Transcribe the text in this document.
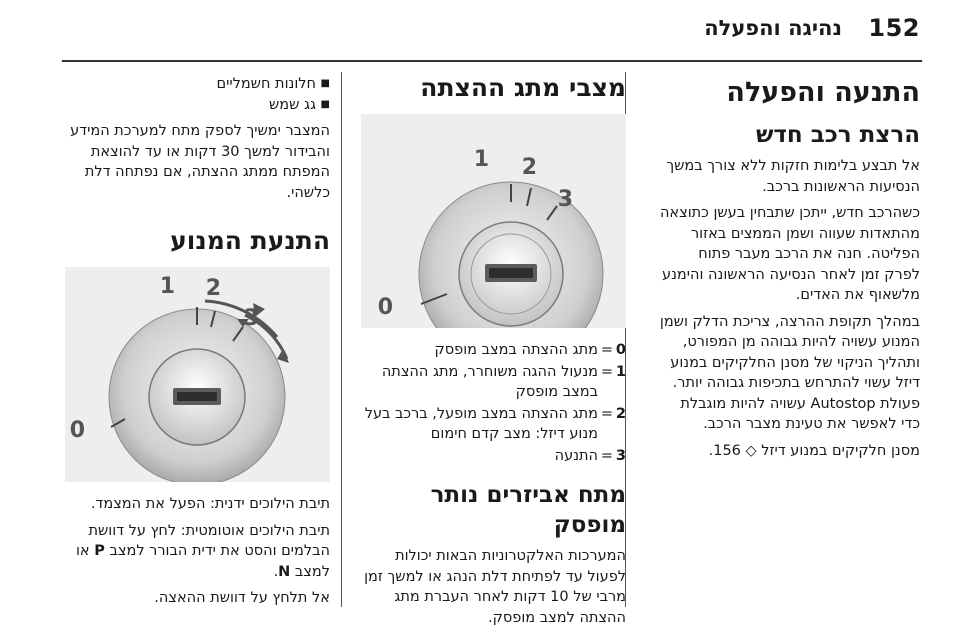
152
נהיגה והפעלה
התנעה והפעלה
הרצת רכב חדש

אל תבצע בלימות חזקות ללא צורך במשך הנסיעות הראשונות ברכב.

כשהרכב חדש, ייתכן שתבחין בעשן כתוצאה מהתאדות שעווה ושמן הממצים באזור הפליטה. חנה את הרכב מעבר פתוח לפרק זמן לאחר הנסיעה הראשונה והימנע מלשאוף את האדים.

במהלך תקופת ההרצה, צריכת הדלק ושמן המנוע עשויה להיות גבוהה מן המפורט, ותהליך הניקוי של מסנן החלקיקים במנוע דיזל עשוי להתרחש בתכיפות גבוהה יותר. פעולת Autostop עשויה להיות מוגבלת כדי לאפשר את טעינת מצבר הרכב.

מסנן חלקיקים במנוע דיזל ◇ 156.

מצבי מתג ההצתה
1 2
3
0
0
=
מתג ההצתה במצב מופסק
1
=
מנעול ההגה משוחרר, מתג ההצתה במצב מופסק
2
=
מתג ההצתה במצב מופעל, ברכב בעל מנוע דיזל: מצב קדם חימום
3
=
התנעה
מתח אביזרים נותר מופסק

המערכות האלקטרוניות הבאות יכולות לפעול עד לפתיחת דלת הנהג או למשך זמן מרבי של 10 דקות לאחר העברת מתג ההצתה למצב מופסק.

■
חלונות חשמליים
■
גג שמש

המצבר ימשיך לספק מתח למערכת המידע והבידור למשך 30 דקות או עד להוצאת המפתח ממתג ההצתה, אם נפתחה דלת כלשהי.

התנעת המנוע
1 2
3
0

תיבת הילוכים ידנית: הפעל את המצמד.

תיבת הילוכים אוטומטית: לחץ על דוושת הבלמים והסט את ידית הבורר למצב P או למצב N.

אל תלחץ על דוושת ההאצה.
